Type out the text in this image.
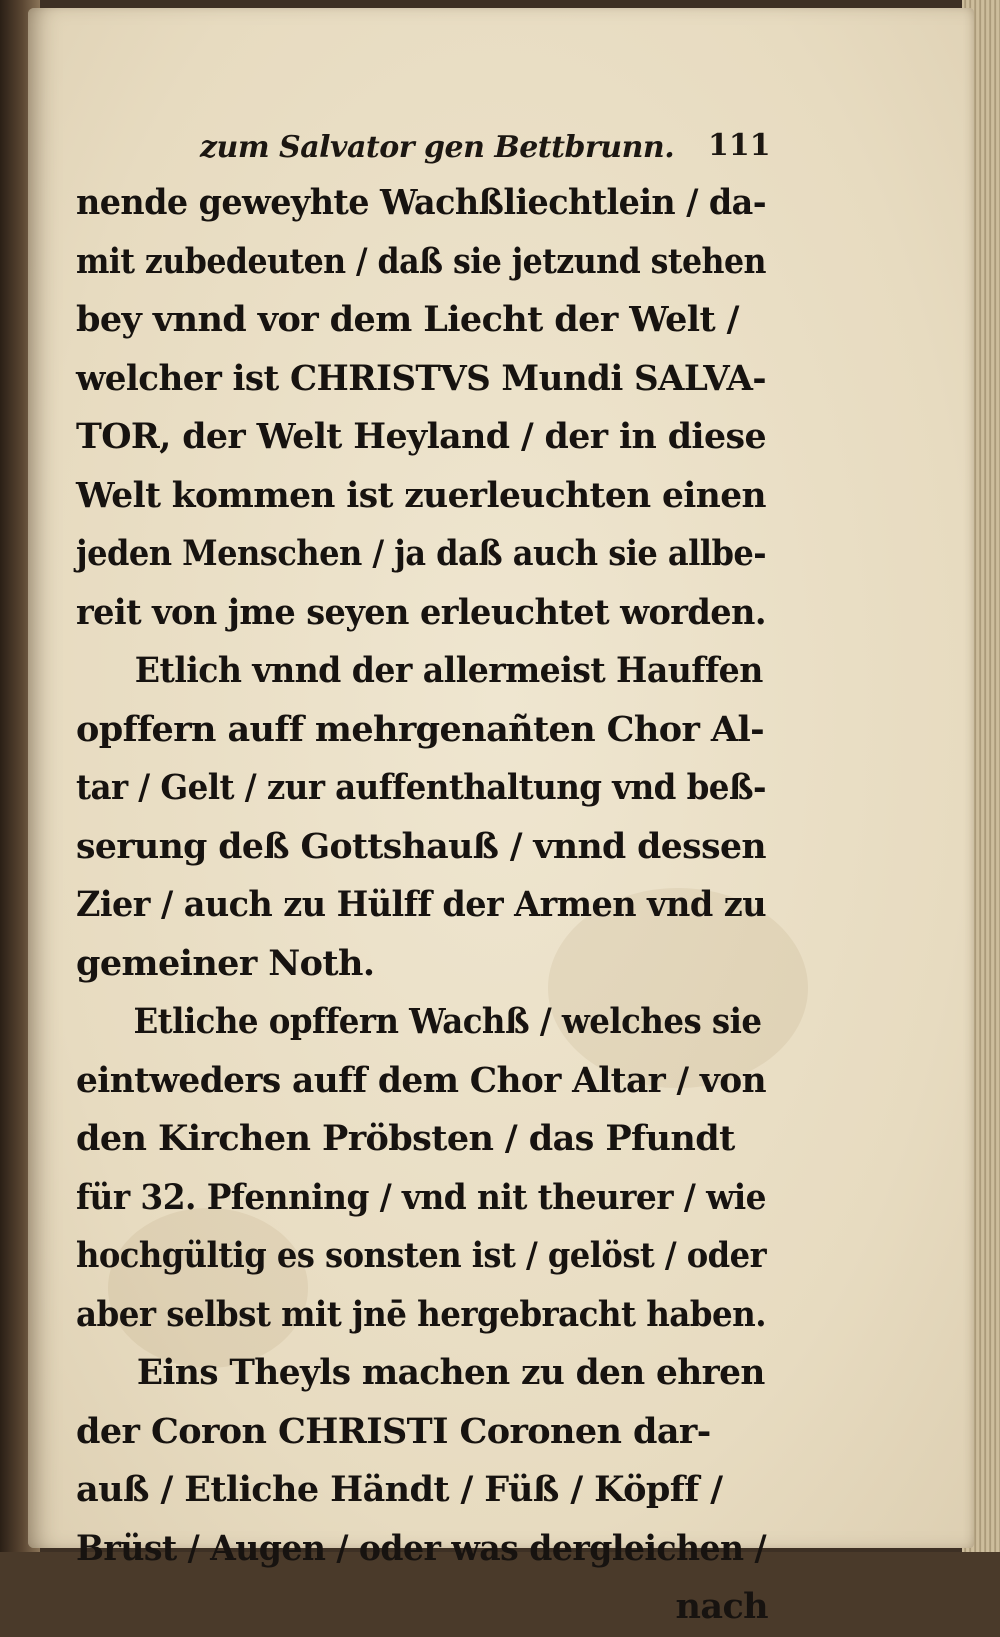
zum Salvator gen Bettbrunn. 111
nende geweyhte Wachßliechtlein / da-
mit zubedeuten / daß sie jetzund stehen
bey vnnd vor dem Liecht der Welt /
welcher ist CHRISTVS Mundi SALVA-
TOR, der Welt Heyland / der in diese
Welt kommen ist zuerleuchten einen
jeden Menschen / ja daß auch sie allbe-
reit von jme seyen erleuchtet worden.
Etlich vnnd der allermeist Hauffen
opffern auff mehrgenañten Chor Al-
tar / Gelt / zur auffenthaltung vnd beß-
serung deß Gottshauß / vnnd dessen
Zier / auch zu Hülff der Armen vnd zu
gemeiner Noth.
Etliche opffern Wachß / welches sie
eintweders auff dem Chor Altar / von
den Kirchen Pröbsten / das Pfundt
für 32. Pfenning / vnd nit theurer / wie
hochgültig es sonsten ist / gelöst / oder
aber selbst mit jnē hergebracht haben.
Eins Theyls machen zu den ehren
der Coron CHRISTI Coronen dar-
auß / Etliche Händt / Füß / Köpff /
Brüst / Augen / oder was dergleichen /
nach
